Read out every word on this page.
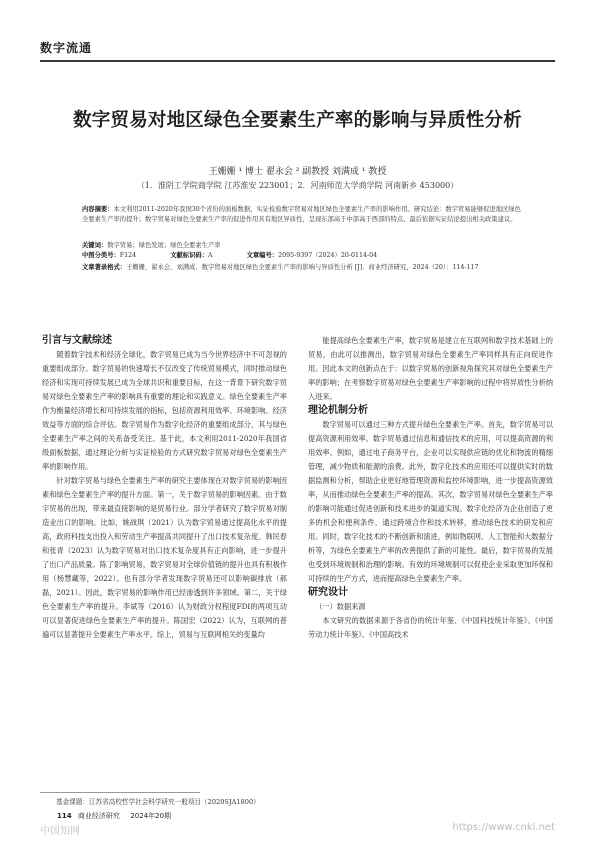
数字流通
数字贸易对地区绿色全要素生产率的影响与异质性分析
王姗姗 ¹ 博士 翟永会 ² 副教授 刘满成 ¹ 教授
（1．淮阴工学院商学院 江苏淮安 223001；2．河南师范大学商学院 河南新乡 453000）
内容摘要：本文利用2011-2020年我国30个省份的面板数据，实证检验数字贸易对地区绿色全要素生产率的影响作用。研究结论：数字贸易能够促进地区绿色全要素生产率的提升；数字贸易对绿色全要素生产率的促进作用具有地区异质性，呈现东部高于中部高于西部的特点。最后依据实证结论提出相关政策建议。
关键词：数字贸易；绿色发展；绿色全要素生产率
中图分类号：F124	文献标识码：A	文章编号：2095-9397（2024）20-0114-04
文章著录格式：王姗姗，翟永会，刘满成．数字贸易对地区绿色全要素生产率的影响与异质性分析 [J]．商业经济研究，2024（20）：114-117

引言与文献综述

随着数字技术和经济全球化，数字贸易已成为当今世界经济中不可忽视的重要组成部分。数字贸易的快速增长不仅改变了传统贸易模式，同时推动绿色经济和实现可持续发展已成为全球共识和重要目标，在这一背景下研究数字贸易对绿色全要素生产率的影响具有重要的理论和实践意义。绿色全要素生产率作为衡量经济增长和可持续发展的指标，包括资源利用效率、环境影响、经济效益等方面的综合评估。数字贸易作为数字化经济的重要组成部分，其与绿色全要素生产率之间的关系备受关注。基于此，本文利用2011-2020年我国省级面板数据，通过理论分析与实证检验的方式研究数字贸易对绿色全要素生产率的影响作用。

针对数字贸易与绿色全要素生产率的研究主要体现在对数字贸易的影响因素和绿色全要素生产率的提升方面。第一，关于数字贸易的影响因素。由于数字贸易的出现，带来最直接影响的是贸易行业。部分学者研究了数字贸易对制造业出口的影响。比如，姚战琪（2021）认为数字贸易通过提高化水平的提高，政府科技支出投入和劳动生产率提高共同提升了出口技术复杂度。韩民春和张青（2023）认为数字贸易对出口技术复杂度具有正向影响，进一步提升了出口产品质量。陈了影响贸易，数字贸易对全球价值链的提升也具有积极作用（杨慧藏等，2022）。也有部分学者发现数字贸易还可以影响碳排放（郝磊，2021）。因此，数字贸易的影响作用已经渗透到许多领域。第二，关于绿色全要素生产率的提升。李斌等（2016）认为财政分权程度FDI的两项互动可以显著促进绿色全要素生产率的提升。陈国宏（2022）认为，互联网的普遍可以显著提升全要素生产率水平。综上，贸易与互联网相关的变量均

能提高绿色全要素生产率，数字贸易是建立在互联网和数字技术基础上的贸易，由此可以推测出，数字贸易对绿色全要素生产率同样具有正向促进作用。因此本文的创新点在于：以数字贸易的创新视角探究其对绿色全要素生产率的影响；在考察数字贸易对绿色全要素生产率影响的过程中将异质性分析纳入进来。

理论机制分析

数字贸易可以通过三种方式提升绿色全要素生产率。首先，数字贸易可以提高资源利用效率。数字贸易通过信息和通信技术的应用，可以提高资源的利用效率。例如，通过电子商务平台，企业可以实现供应链的优化和物流的精细管理，减少物质和能源的浪费。此外，数字化技术的应用还可以提供实时的数据监测和分析，帮助企业更好地管理资源和监控环境影响，进一步提高资源效率，从而推动绿色全要素生产率的提高。其次，数字贸易对绿色全要素生产率的影响可能通过促进创新和技术进步的渠道实现。数字化经济为企业创造了更多的机会和便利条件，通过跨境合作和技术转移，推动绿色技术的研发和应用。同时，数字化技术的不断创新和演进，例如物联网、人工智能和大数据分析等，为绿色全要素生产率的改善提供了新的可能性。最后，数字贸易的发展也受到环境规制和治理的影响。有效的环境规制可以促使企业采取更加环保和可持续的生产方式，进而提高绿色全要素生产率。

研究设计

（一）数据来源

本文研究的数据来源于各省份的统计年鉴、《中国科技统计年鉴》、《中国劳动力统计年鉴》、《中国高技术

基金课题：江苏省高校哲学社会科学研究一般项目（2020SJA1800）
114 商业经济研究 2024年20期
中国知网	https://www.cnki.net
